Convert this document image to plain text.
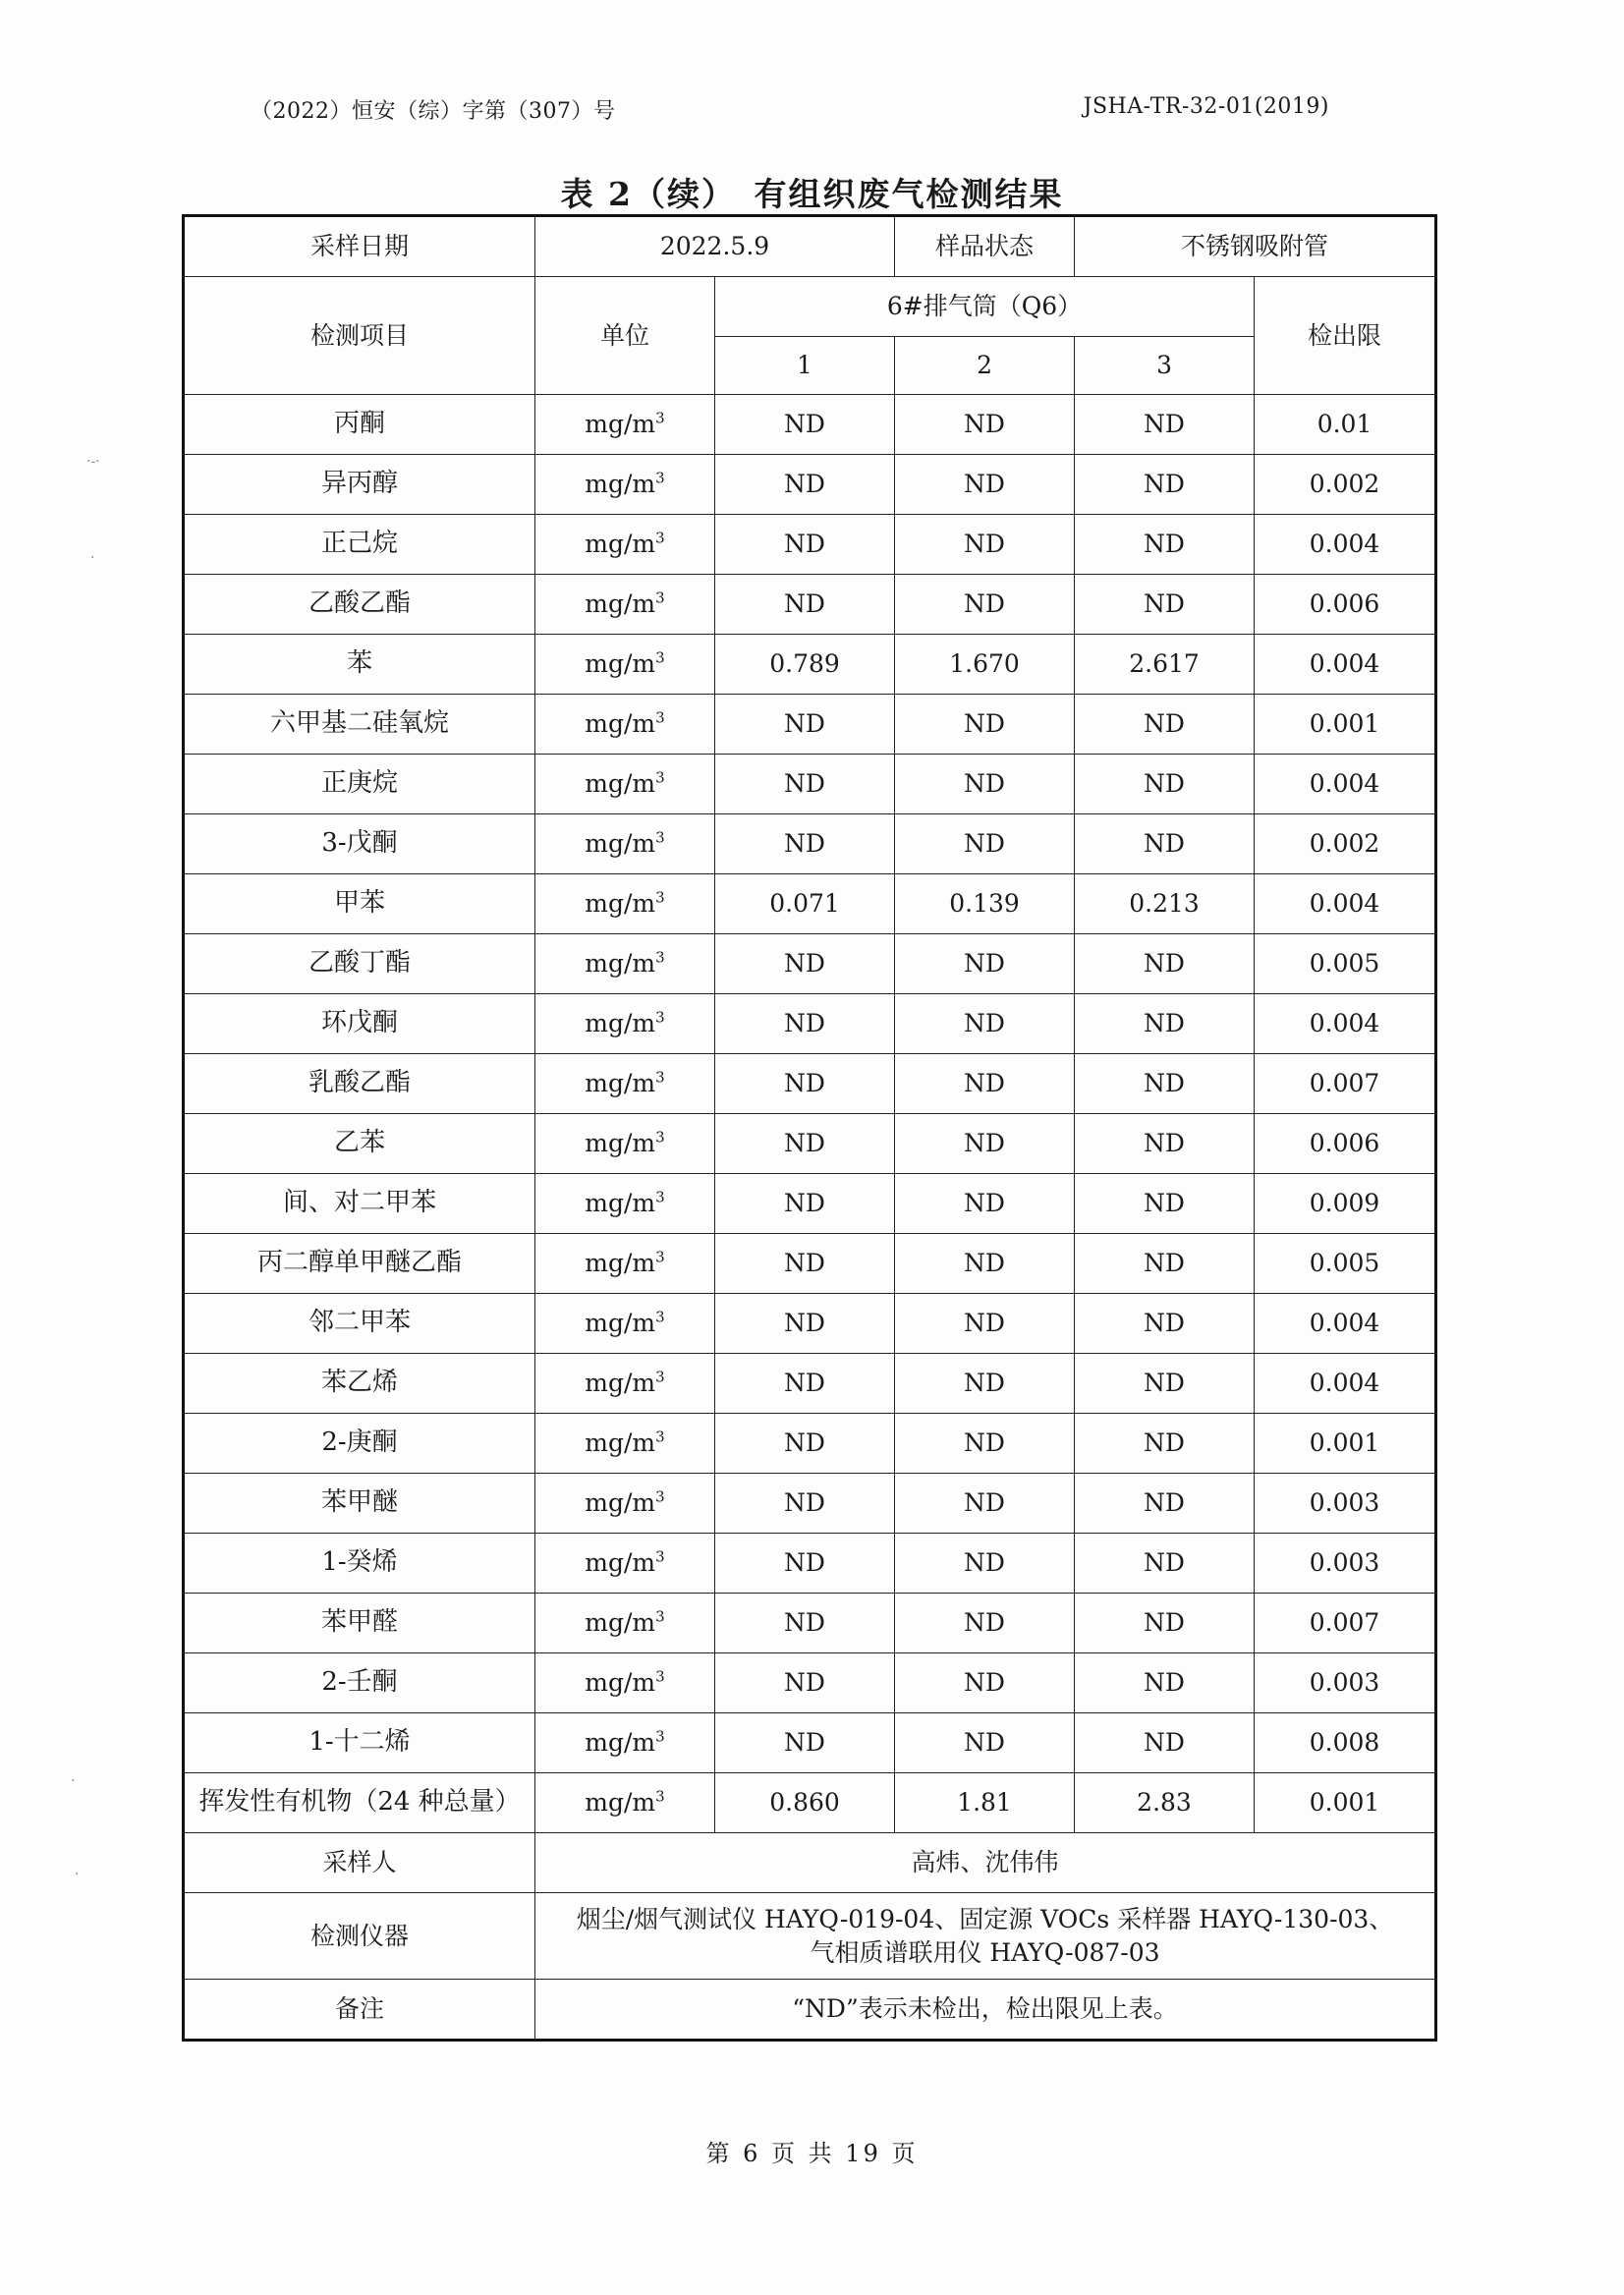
（2022）恒安（综）字第（307）号	JSHA-TR-32-01(2019)
表 2（续）　有组织废气检测结果
采样日期	2022.5.9		样品状态	不锈钢吸附管	
检测项目	单位	6#排气筒（Q6）			检出限
		1	2	3	
丙酮	$mg/m^3$	ND	ND	ND	0.01
异丙醇	$mg/m^3$	ND	ND	ND	0.002
正己烷	$mg/m^3$	ND	ND	ND	0.004
乙酸乙酯	$mg/m^3$	ND	ND	ND	0.006
苯	$mg/m^3$	0.789	1.670	2.617	0.004
六甲基二硅氧烷	$mg/m^3$	ND	ND	ND	0.001
正庚烷	$mg/m^3$	ND	ND	ND	0.004
3-戊酮	$mg/m^3$	ND	ND	ND	0.002
甲苯	$mg/m^3$	0.071	0.139	0.213	0.004
乙酸丁酯	$mg/m^3$	ND	ND	ND	0.005
环戊酮	$mg/m^3$	ND	ND	ND	0.004
乳酸乙酯	$mg/m^3$	ND	ND	ND	0.007
乙苯	$mg/m^3$	ND	ND	ND	0.006
间、对二甲苯	$mg/m^3$	ND	ND	ND	0.009
丙二醇单甲醚乙酯	$mg/m^3$	ND	ND	ND	0.005
邻二甲苯	$mg/m^3$	ND	ND	ND	0.004
苯乙烯	$mg/m^3$	ND	ND	ND	0.004
2-庚酮	$mg/m^3$	ND	ND	ND	0.001
苯甲醚	$mg/m^3$	ND	ND	ND	0.003
1-癸烯	$mg/m^3$	ND	ND	ND	0.003
苯甲醛	$mg/m^3$	ND	ND	ND	0.007
2-壬酮	$mg/m^3$	ND	ND	ND	0.003
1-十二烯	$mg/m^3$	ND	ND	ND	0.008
挥发性有机物（24 种总量）	$mg/m^3$	0.860	1.81	2.83	0.001
采样人	高炜、沈伟伟				
检测仪器	烟尘/烟气测试仪 HAYQ-019-04、固定源 VOCs 采样器 HAYQ-130-03、
气相质谱联用仪 HAYQ-087-03				

备注	“ND”表示未检出，检出限见上表。				
第 6 页 共 19 页
·-·
·
·
·
